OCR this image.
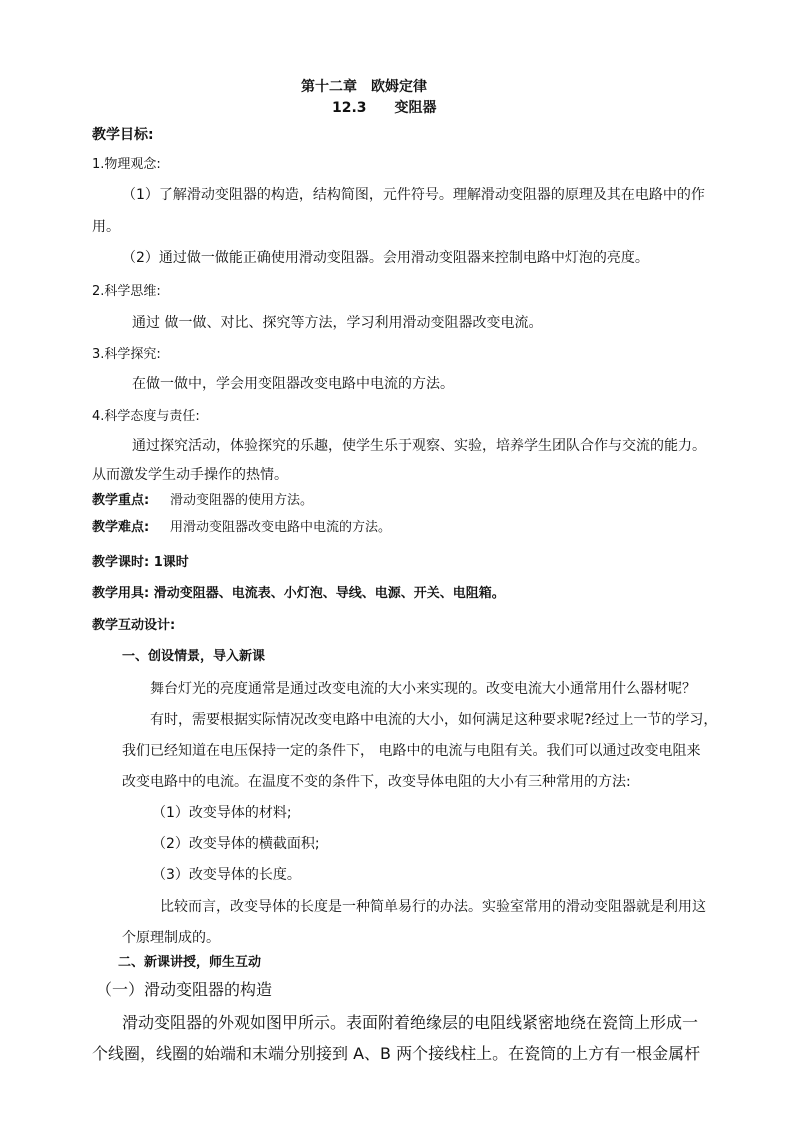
第十二章　欧姆定律
12.3　　变阻器
教学目标:
1.物理观念:
（1）了解滑动变阻器的构造，结构简图，元件符号。理解滑动变阻器的原理及其在电路中的作
用。
（2）通过做一做能正确使用滑动变阻器。会用滑动变阻器来控制电路中灯泡的亮度。
2.科学思维:
通过 做一做、对比、探究等方法，学习利用滑动变阻器改变电流。
3.科学探究:
在做一做中，学会用变阻器改变电路中电流的方法。
4.科学态度与责任:
通过探究活动，体验探究的乐趣，使学生乐于观察、实验，培养学生团队合作与交流的能力。
从而激发学生动手操作的热情。
教学重点: 滑动变阻器的使用方法。
教学难点: 用滑动变阻器改变电路中电流的方法。
教学课时: 1课时
教学用具: 滑动变阻器、电流表、小灯泡、导线、电源、开关、电阻箱。
教学互动设计:
一、创设情景，导入新课
舞台灯光的亮度通常是通过改变电流的大小来实现的。改变电流大小通常用什么器材呢？
有时，需要根据实际情况改变电路中电流的大小，如何满足这种要求呢?经过上一节的学习，
我们已经知道在电压保持一定的条件下， 电路中的电流与电阻有关。我们可以通过改变电阻来
改变电路中的电流。在温度不变的条件下，改变导体电阻的大小有三种常用的方法:
（1）改变导体的材料;
（2）改变导体的横截面积;
（3）改变导体的长度。
比较而言，改变导体的长度是一种简单易行的办法。实验室常用的滑动变阻器就是利用这
个原理制成的。
二、新课讲授，师生互动
（一）滑动变阻器的构造
滑动变阻器的外观如图甲所示。表面附着绝缘层的电阻线紧密地绕在瓷筒上形成一
个线圈，线圈的始端和末端分别接到 A、B 两个接线柱上。在瓷筒的上方有一根金属杆
